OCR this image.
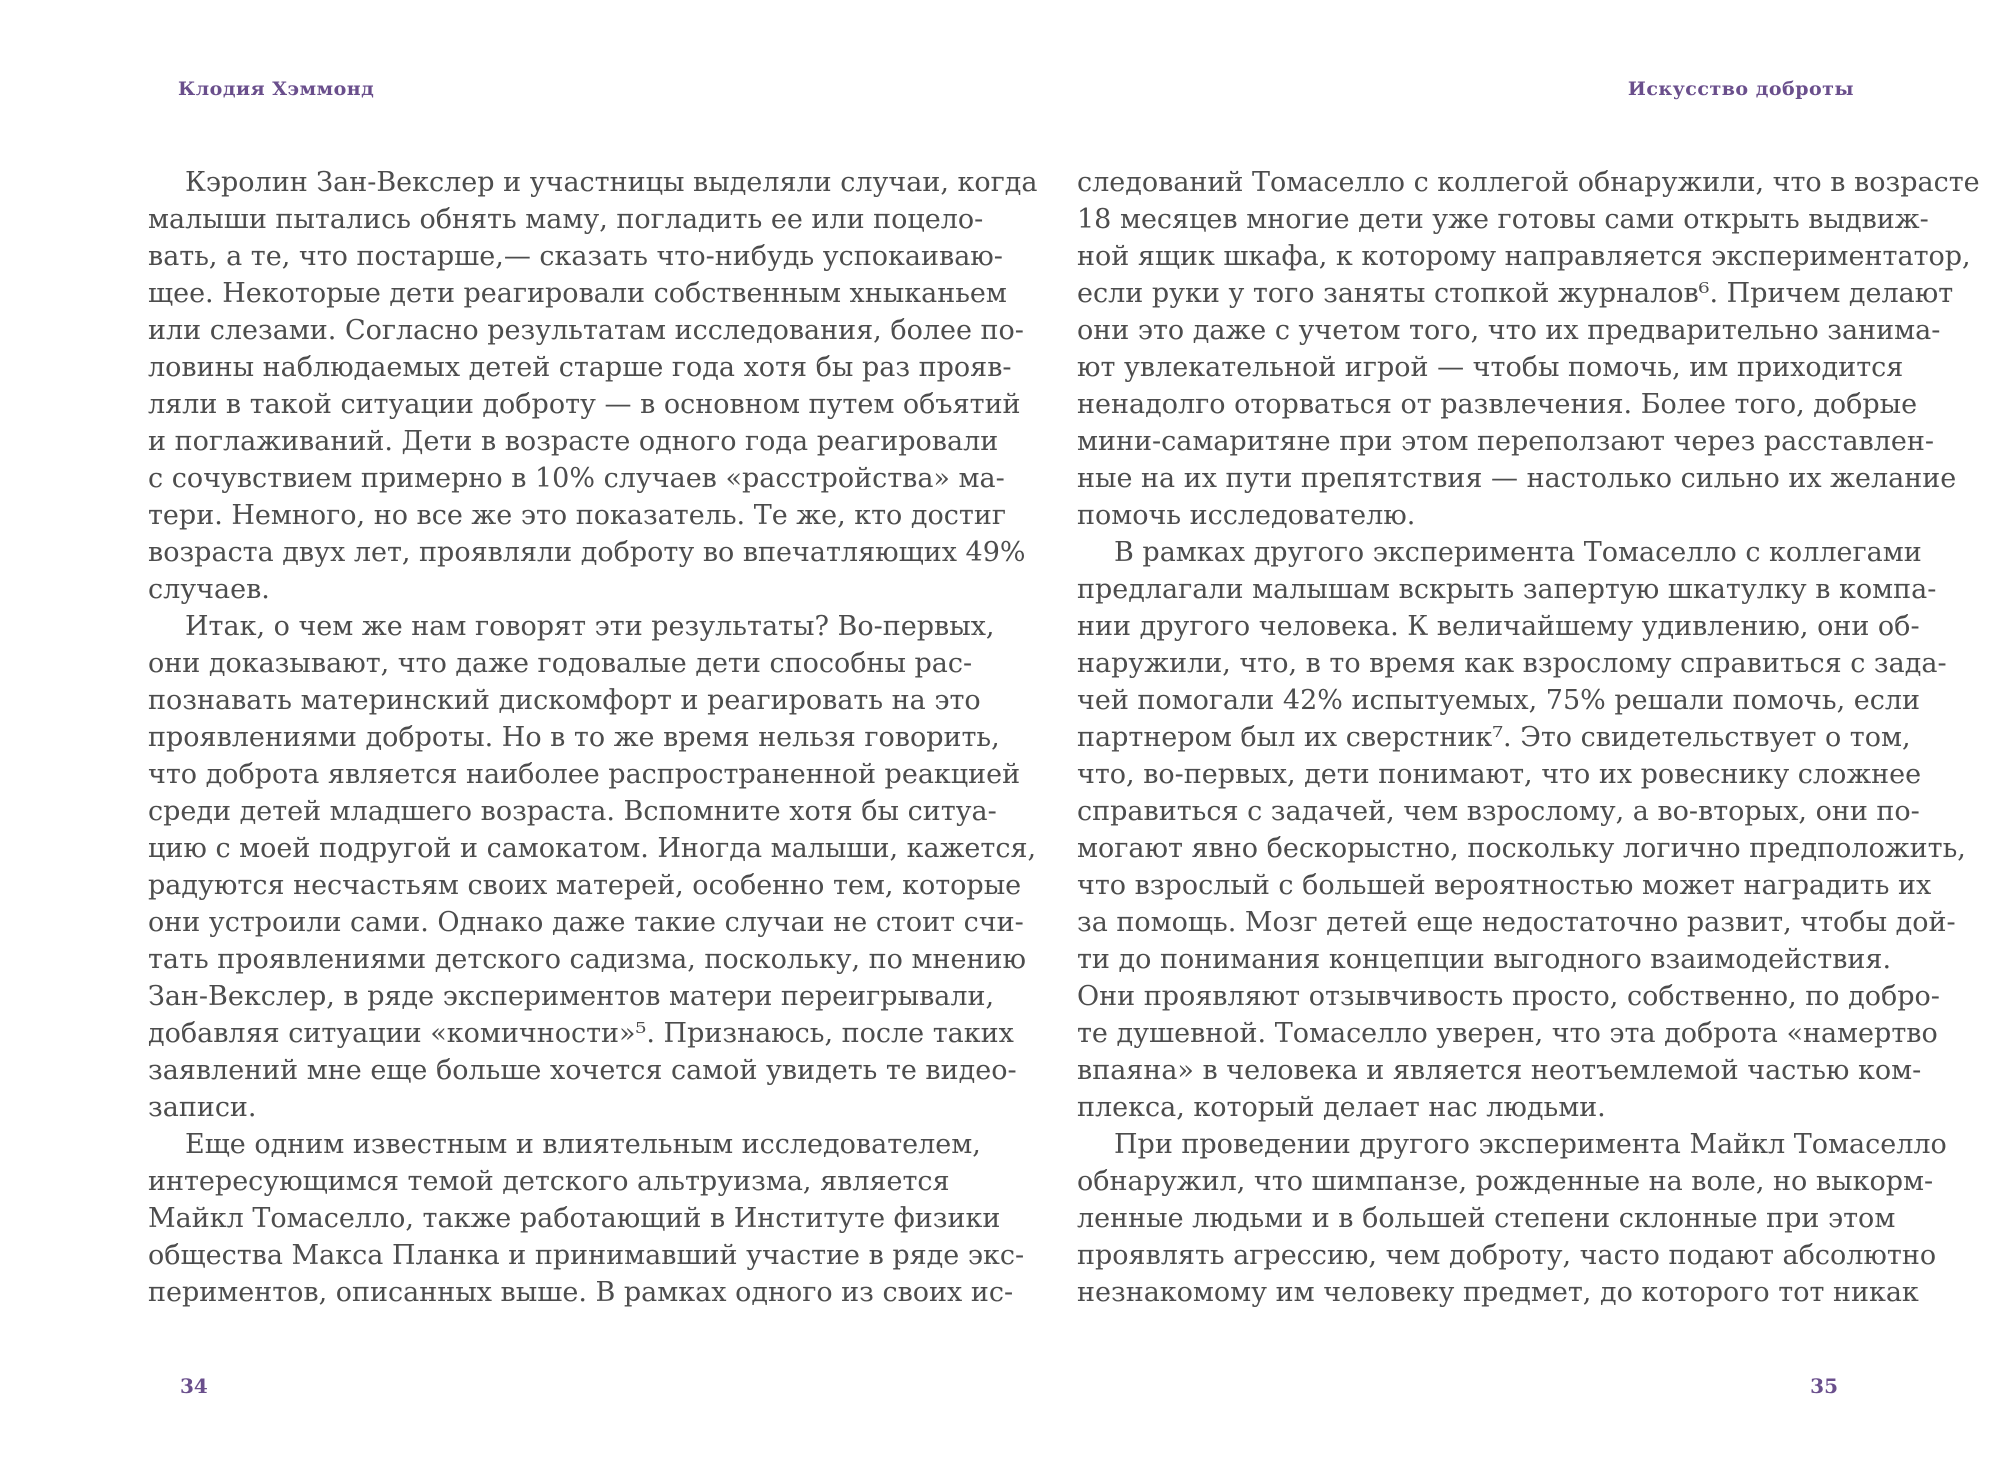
Клодия Хэммонд
Кэролин Зан-Векслер и участницы выделяли случаи, когда
малыши пытались обнять маму, погладить ее или поцело-
вать, а те, что постарше,— сказать что-нибудь успокаиваю-
щее. Некоторые дети реагировали собственным хныканьем
или слезами. Согласно результатам исследования, более по-
ловины наблюдаемых детей старше года хотя бы раз прояв-
ляли в такой ситуации доброту — в основном путем объятий
и поглаживаний. Дети в возрасте одного года реагировали
с сочувствием примерно в 10% случаев «расстройства» ма-
тери. Немного, но все же это показатель. Те же, кто достиг
возраста двух лет, проявляли доброту во впечатляющих 49%
случаев.
Итак, о чем же нам говорят эти результаты? Во-первых,
они доказывают, что даже годовалые дети способны рас-
познавать материнский дискомфорт и реагировать на это
проявлениями доброты. Но в то же время нельзя говорить,
что доброта является наиболее распространенной реакцией
среди детей младшего возраста. Вспомните хотя бы ситуа-
цию с моей подругой и самокатом. Иногда малыши, кажется,
радуются несчастьям своих матерей, особенно тем, которые
они устроили сами. Однако даже такие случаи не стоит счи-
тать проявлениями детского садизма, поскольку, по мнению
Зан-Векслер, в ряде экспериментов матери переигрывали,
добавляя ситуации «комичности»⁵. Признаюсь, после таких
заявлений мне еще больше хочется самой увидеть те видео-
записи.
Еще одним известным и влиятельным исследователем,
интересующимся темой детского альтруизма, является
Майкл Томаселло, также работающий в Институте физики
общества Макса Планка и принимавший участие в ряде экс-
периментов, описанных выше. В рамках одного из своих ис-
34
Искусство доброты
следований Томаселло с коллегой обнаружили, что в возрасте
18 месяцев многие дети уже готовы сами открыть выдвиж-
ной ящик шкафа, к которому направляется экспериментатор,
если руки у того заняты стопкой журналов⁶. Причем делают
они это даже с учетом того, что их предварительно занима-
ют увлекательной игрой — чтобы помочь, им приходится
ненадолго оторваться от развлечения. Более того, добрые
мини-самаритяне при этом переползают через расставлен-
ные на их пути препятствия — настолько сильно их желание
помочь исследователю.
В рамках другого эксперимента Томаселло с коллегами
предлагали малышам вскрыть запертую шкатулку в компа-
нии другого человека. К величайшему удивлению, они об-
наружили, что, в то время как взрослому справиться с зада-
чей помогали 42% испытуемых, 75% решали помочь, если
партнером был их сверстник⁷. Это свидетельствует о том,
что, во-первых, дети понимают, что их ровеснику сложнее
справиться с задачей, чем взрослому, а во-вторых, они по-
могают явно бескорыстно, поскольку логично предположить,
что взрослый с большей вероятностью может наградить их
за помощь. Мозг детей еще недостаточно развит, чтобы дой-
ти до понимания концепции выгодного взаимодействия.
Они проявляют отзывчивость просто, собственно, по добро-
те душевной. Томаселло уверен, что эта доброта «намертво
впаяна» в человека и является неотъемлемой частью ком-
плекса, который делает нас людьми.
При проведении другого эксперимента Майкл Томаселло
обнаружил, что шимпанзе, рожденные на воле, но выкорм-
ленные людьми и в большей степени склонные при этом
проявлять агрессию, чем доброту, часто подают абсолютно
незнакомому им человеку предмет, до которого тот никак
35
